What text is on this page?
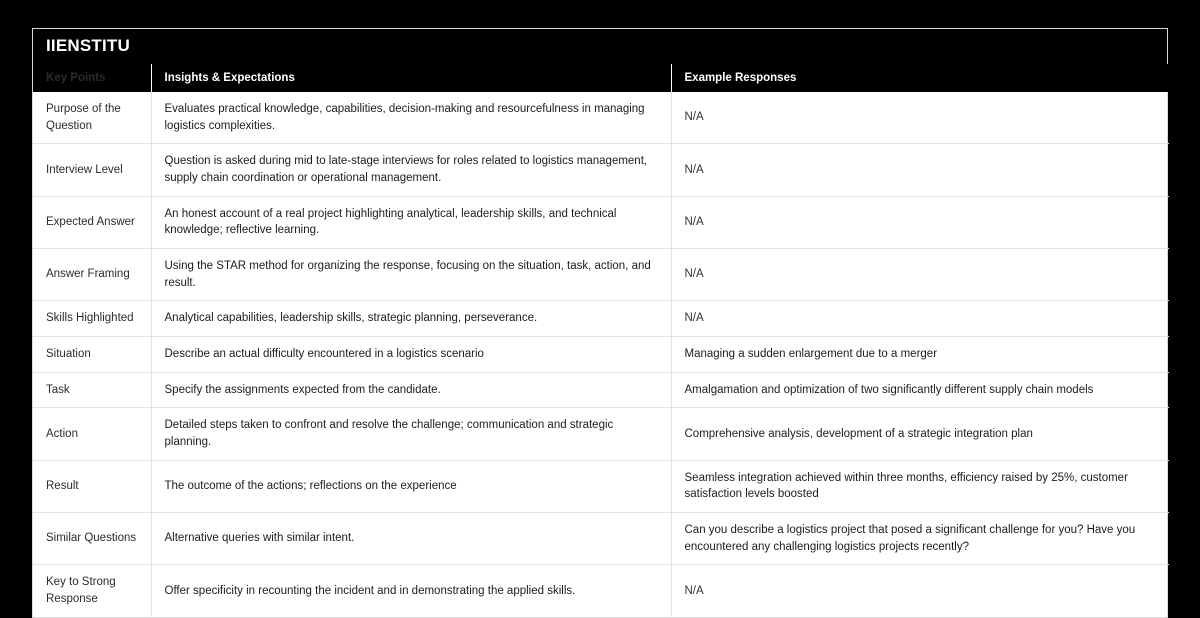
IIENSTITU
Key Points	Insights & Expectations	Example Responses
Purpose of the Question	Evaluates practical knowledge, capabilities, decision-making and resourcefulness in managing logistics complexities.	N/A
Interview Level	Question is asked during mid to late-stage interviews for roles related to logistics management, supply chain coordination or operational management.	N/A
Expected Answer	An honest account of a real project highlighting analytical, leadership skills, and technical knowledge; reflective learning.	N/A
Answer Framing	Using the STAR method for organizing the response, focusing on the situation, task, action, and result.	N/A
Skills Highlighted	Analytical capabilities, leadership skills, strategic planning, perseverance.	N/A
Situation	Describe an actual difficulty encountered in a logistics scenario	Managing a sudden enlargement due to a merger
Task	Specify the assignments expected from the candidate.	Amalgamation and optimization of two significantly different supply chain models
Action	Detailed steps taken to confront and resolve the challenge; communication and strategic planning.	Comprehensive analysis, development of a strategic integration plan
Result	The outcome of the actions; reflections on the experience	Seamless integration achieved within three months, efficiency raised by 25%, customer satisfaction levels boosted
Similar Questions	Alternative queries with similar intent.	Can you describe a logistics project that posed a significant challenge for you? Have you encountered any challenging logistics projects recently?
Key to Strong Response	Offer specificity in recounting the incident and in demonstrating the applied skills.	N/A
